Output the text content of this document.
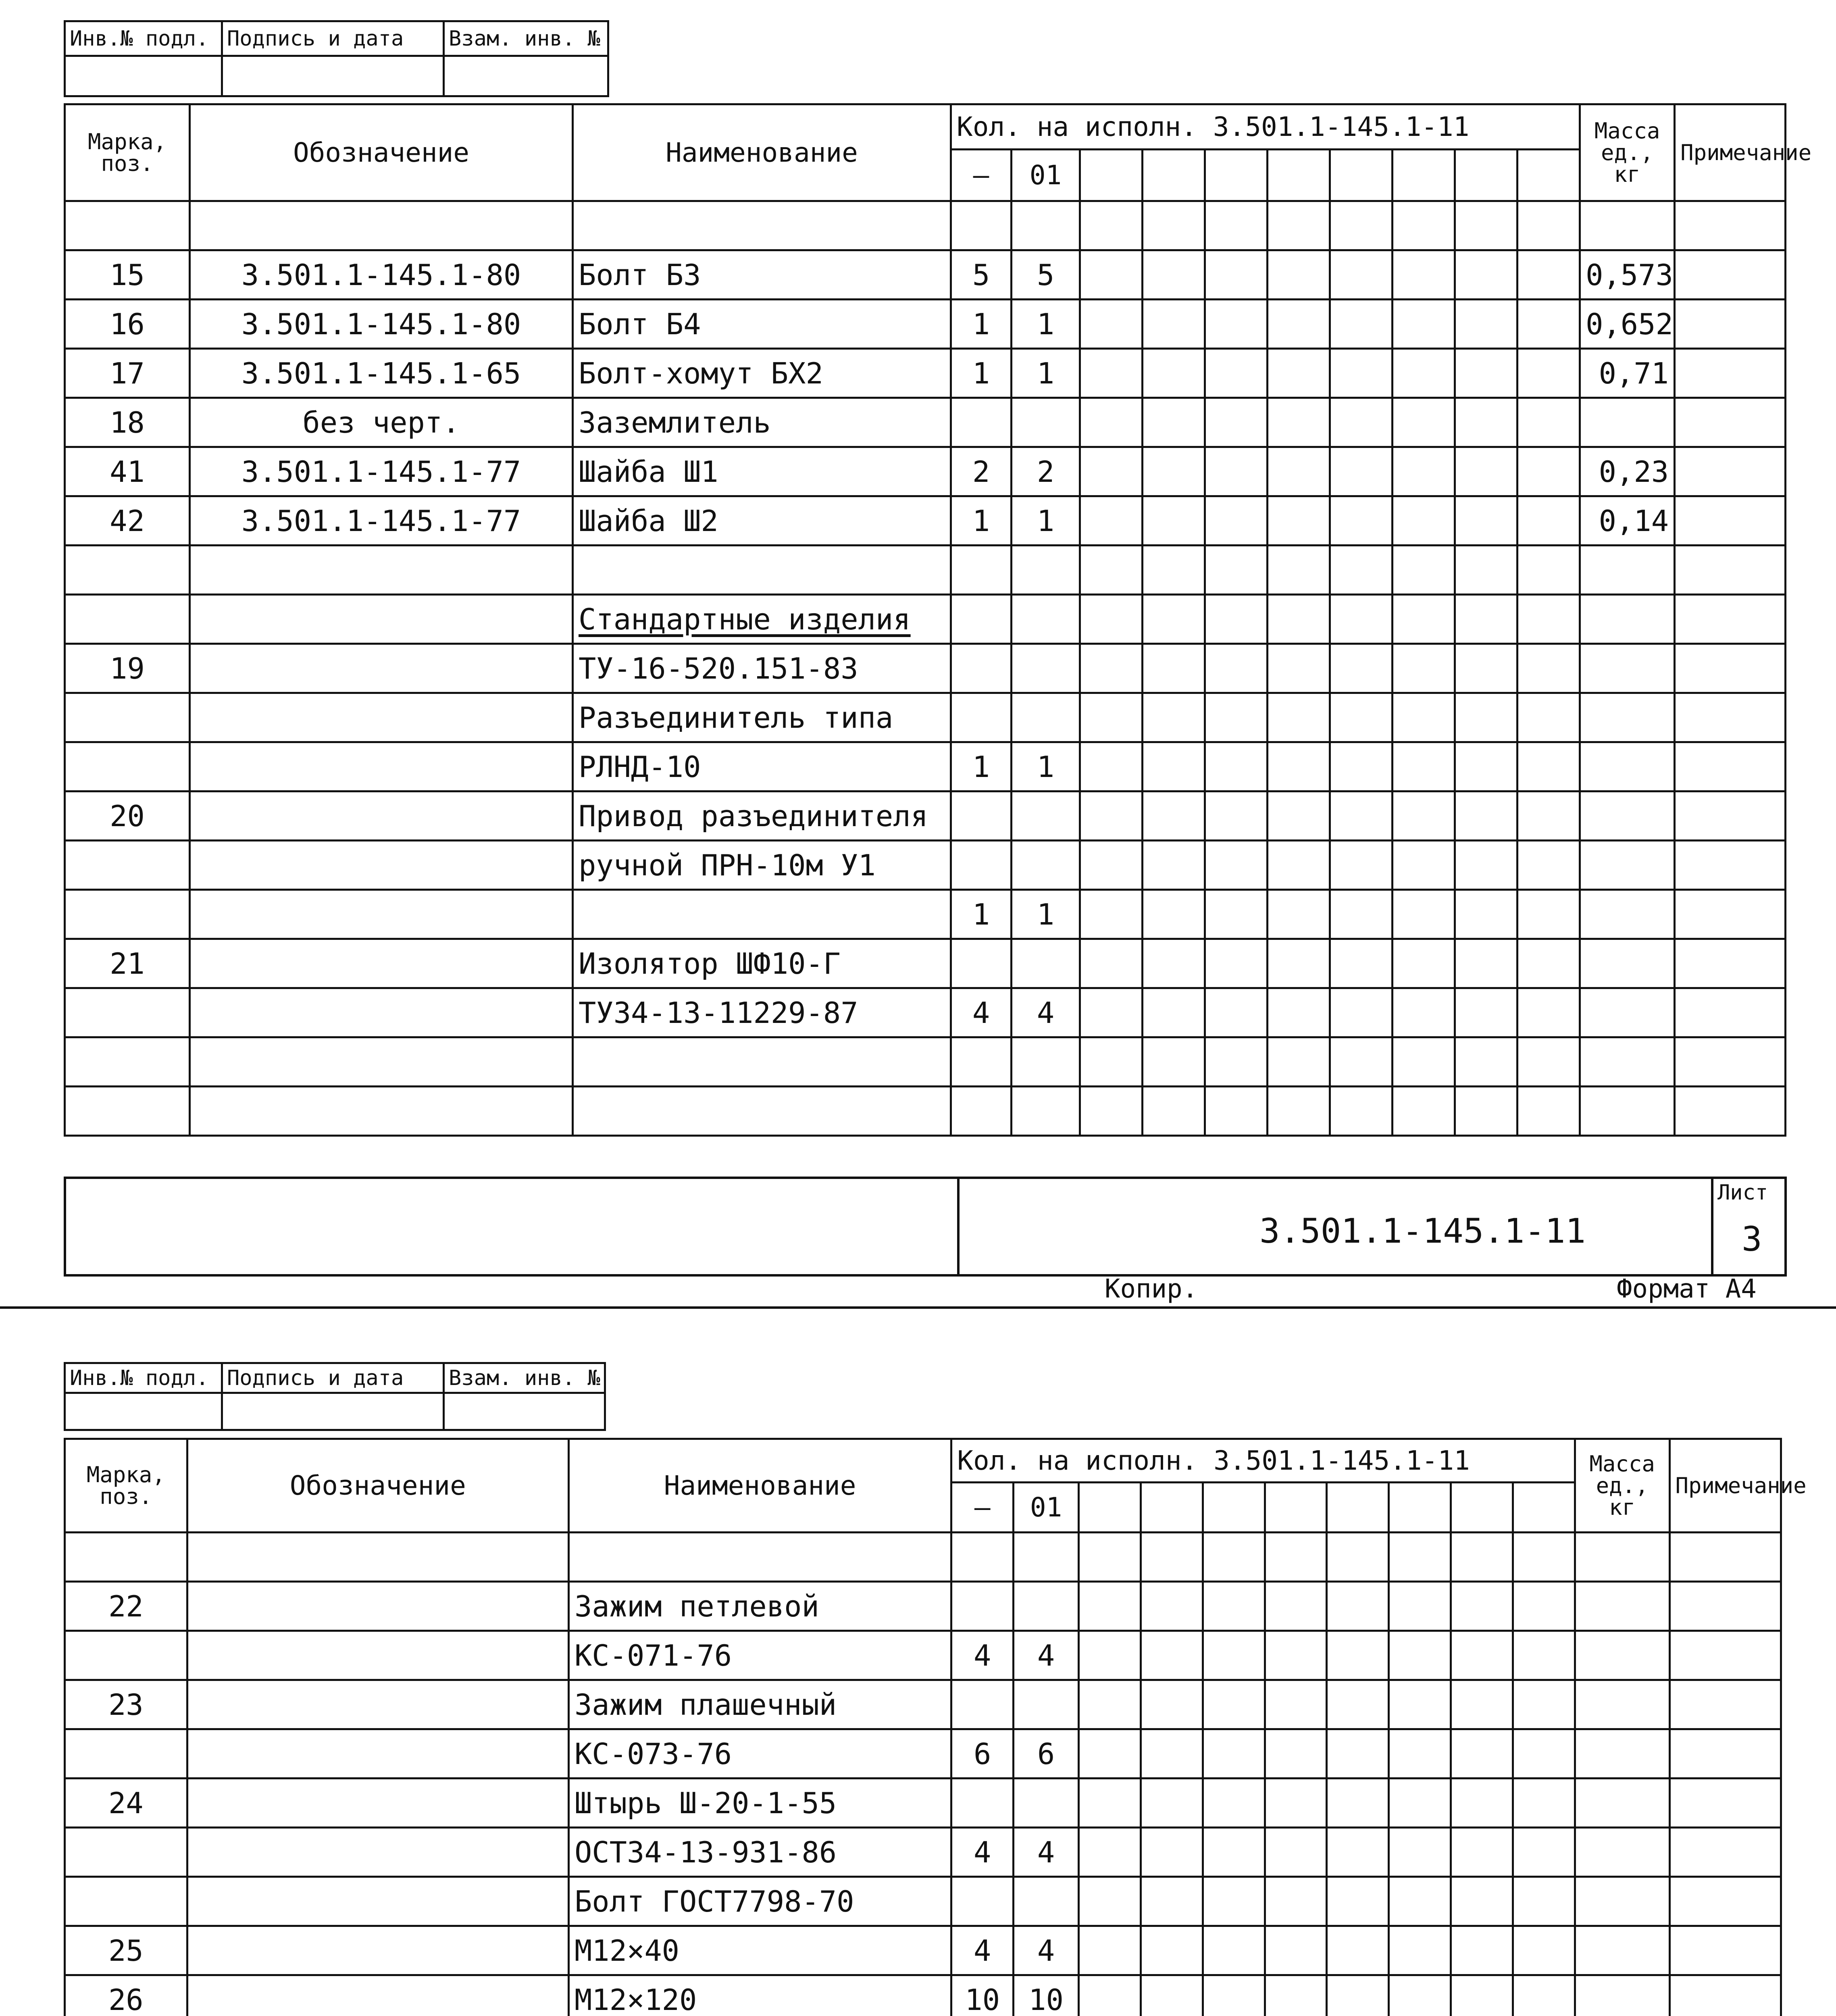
Инв.№ подл.	Подпись и дата	Взам. инв. №

Марка, поз.	Обозначение	Наименование	Кол. на исполн. 3.501.1-145.1-11										Масса ед., кг	Примечание
			—	01										

15	3.501.1-145.1-80	Болт Б3	5	5									0,573	
16	3.501.1-145.1-80	Болт Б4	1	1									0,652	
17	3.501.1-145.1-65	Болт-хомут БХ2	1	1									0,71	
18	без черт.	Заземлитель												
41	3.501.1-145.1-77	Шайба Ш1	2	2									0,23	
42	3.501.1-145.1-77	Шайба Ш2	1	1									0,14	

		Стандартные изделия												
19		ТУ-16-520.151-83												
		Разъединитель типа												
		РЛНД-10	1	1										
20		Привод разъединителя												
		ручной ПРН-10м У1												
			1	1										
21		Изолятор ШФ10-Г												
		ТУ34-13-11229-87	4	4										

3.501.1-145.1-11
Лист
3
Копир.	Формат А4
Инв.№ подл.	Подпись и дата	Взам. инв. №

Марка, поз.	Обозначение	Наименование	Кол. на исполн. 3.501.1-145.1-11										Масса ед., кг	Примечание
			—	01										

22		Зажим петлевой												
		КС-071-76	4	4										
23		Зажим плашечный												
		КС-073-76	6	6										
24		Штырь Ш-20-1-55												
		ОСТ34-13-931-86	4	4										
		Болт ГОСТ7798-70												
25		М12×40	4	4										
26		М12×120	10	10										
